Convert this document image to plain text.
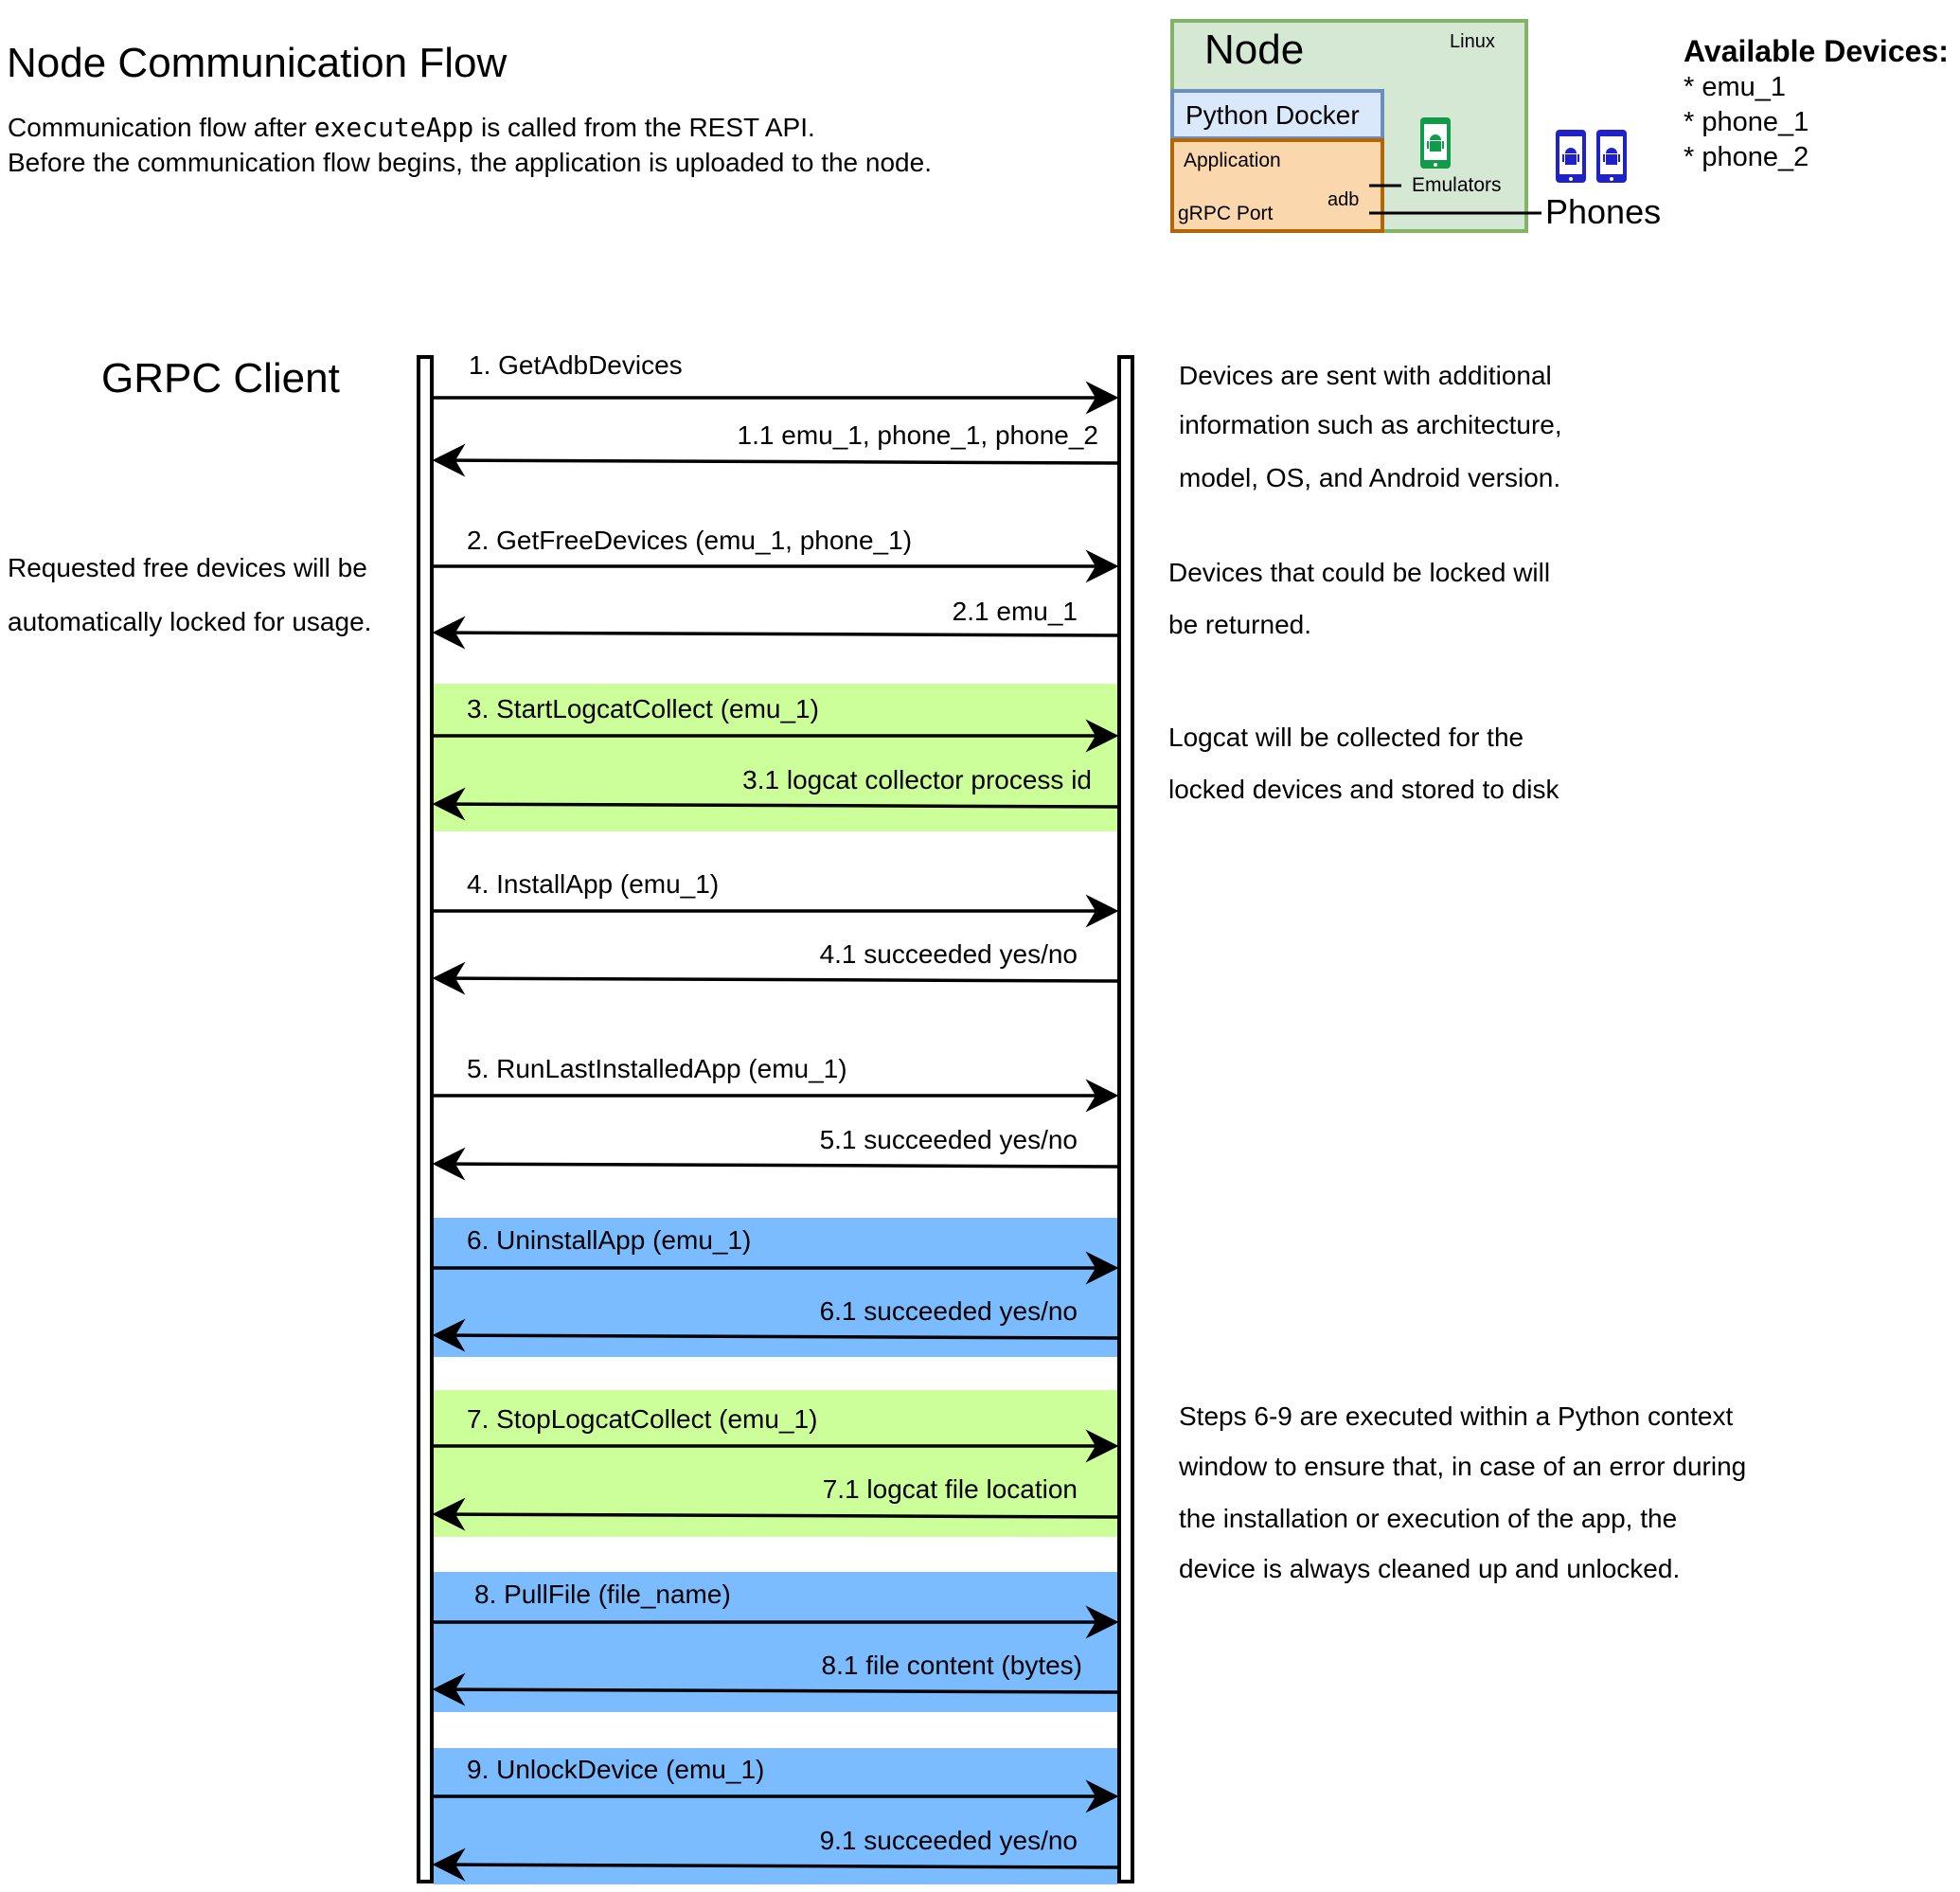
Node Communication Flow
Communication flow after executeApp is called from the REST API.
Before the communication flow begins, the application is uploaded to the node.
Available Devices:
* emu_1
* phone_1
* phone_2
Node	Linux
Python Docker
Application
gRPC Port
adb
Emulators
Phones
GRPC Client
Requested free devices will be
automatically locked for usage.
Devices are sent with additional
information such as architecture,
model, OS, and Android version.
Devices that could be locked will
be returned.
Logcat will be collected for the
locked devices and stored to disk
Steps 6-9 are executed within a Python context
window to ensure that, in case of an error during
the installation or execution of the app, the
device is always cleaned up and unlocked.
1. GetAdbDevices
1.1 emu_1, phone_1, phone_2
2. GetFreeDevices (emu_1, phone_1)
2.1 emu_1
3. StartLogcatCollect (emu_1)
3.1 logcat collector process id
4. InstallApp (emu_1)
4.1 succeeded yes/no
5. RunLastInstalledApp (emu_1)
5.1 succeeded yes/no
6. UninstallApp (emu_1)
6.1 succeeded yes/no
7. StopLogcatCollect (emu_1)
7.1 logcat file location
8. PullFile (file_name)
8.1 file content (bytes)
9. UnlockDevice (emu_1)
9.1 succeeded yes/no
